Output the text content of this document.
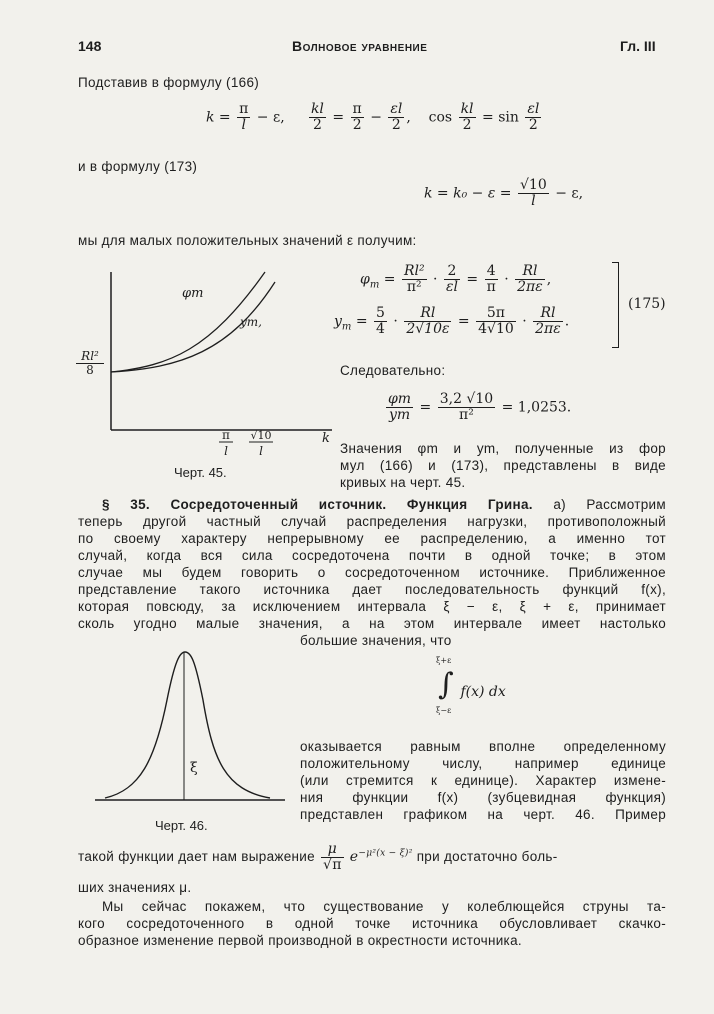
148	Волновое уравнение	Гл. III
Подставив в формулу (166)
$k = \frac{\pi}{l} - \varepsilon$, $\frac{kl}{2} = \frac{\pi}{2} - \frac{\varepsilon l}{2}$ ,    $\cos \frac{kl}{2} = \sin \frac{\varepsilon l}{2}$
и в формулу (173)
$k = k_0 - \varepsilon = \frac{√10}{l} - \varepsilon$,
мы для малых положительных значений ε получим:
φm
ym,
π
l
√10
l
k
$\frac{\text{Rl²}}{8}$
Черт. 45.
$\varphi_m = \frac{\text{Rl²}}{\text{π²}} \cdot \frac{2}{\varepsilon l} = \frac{4}{\pi} \cdot \frac{Rl}{2\pi\varepsilon}$ ,
$y_m = \frac{5}{4} \cdot \frac{Rl}{2√10\varepsilon} = \frac{5\pi}{4√10} \cdot \frac{Rl}{2\pi\varepsilon}$ .
(175)
Следовательно:
$\frac{\varphi m}{ym} = \frac{3,2 √10}{\text{π²}} = 1,0253$.
Значения φm и ym, полученные из фор
мул (166) и (173), представлены в виде
кривых на черт. 45.
§ 35. Сосредоточенный источник. Функция Грина. а) Рассмотрим
теперь другой частный случай распределения нагрузки, противоположный
по своему характеру непрерывному ее распределению, а именно тот
случай, когда вся сила сосредоточена почти в одной точке; в этом
случае мы будем говорить о сосредоточенном источнике. Приближенное
представление такого источника дает последовательность функций f(x),
которая повсюду, за исключением интервала ξ − ε, ξ + ε, принимает
сколь угодно малые значения, а на этом интервале имеет настолько
большие значения, что
ξ
Черт. 46.
ξ+ε
∫
ξ−ε
f(x) dx
оказывается равным вполне определенному
положительному числу, например единице
(или стремится к единице). Характер измене-
ния функции f(x) (зубцевидная функция)
представлен графиком на черт. 46. Пример
такой функции дает нам выражение $\frac{\mu}{√\pi} e^{-\mu^2(x - \xi)^2}$ при достаточно боль-
ших значениях μ.
Мы сейчас покажем, что существование у колеблющейся струны та-
кого сосредоточенного в одной точке источника обусловливает скачко-
образное изменение первой производной в окрестности источника.
